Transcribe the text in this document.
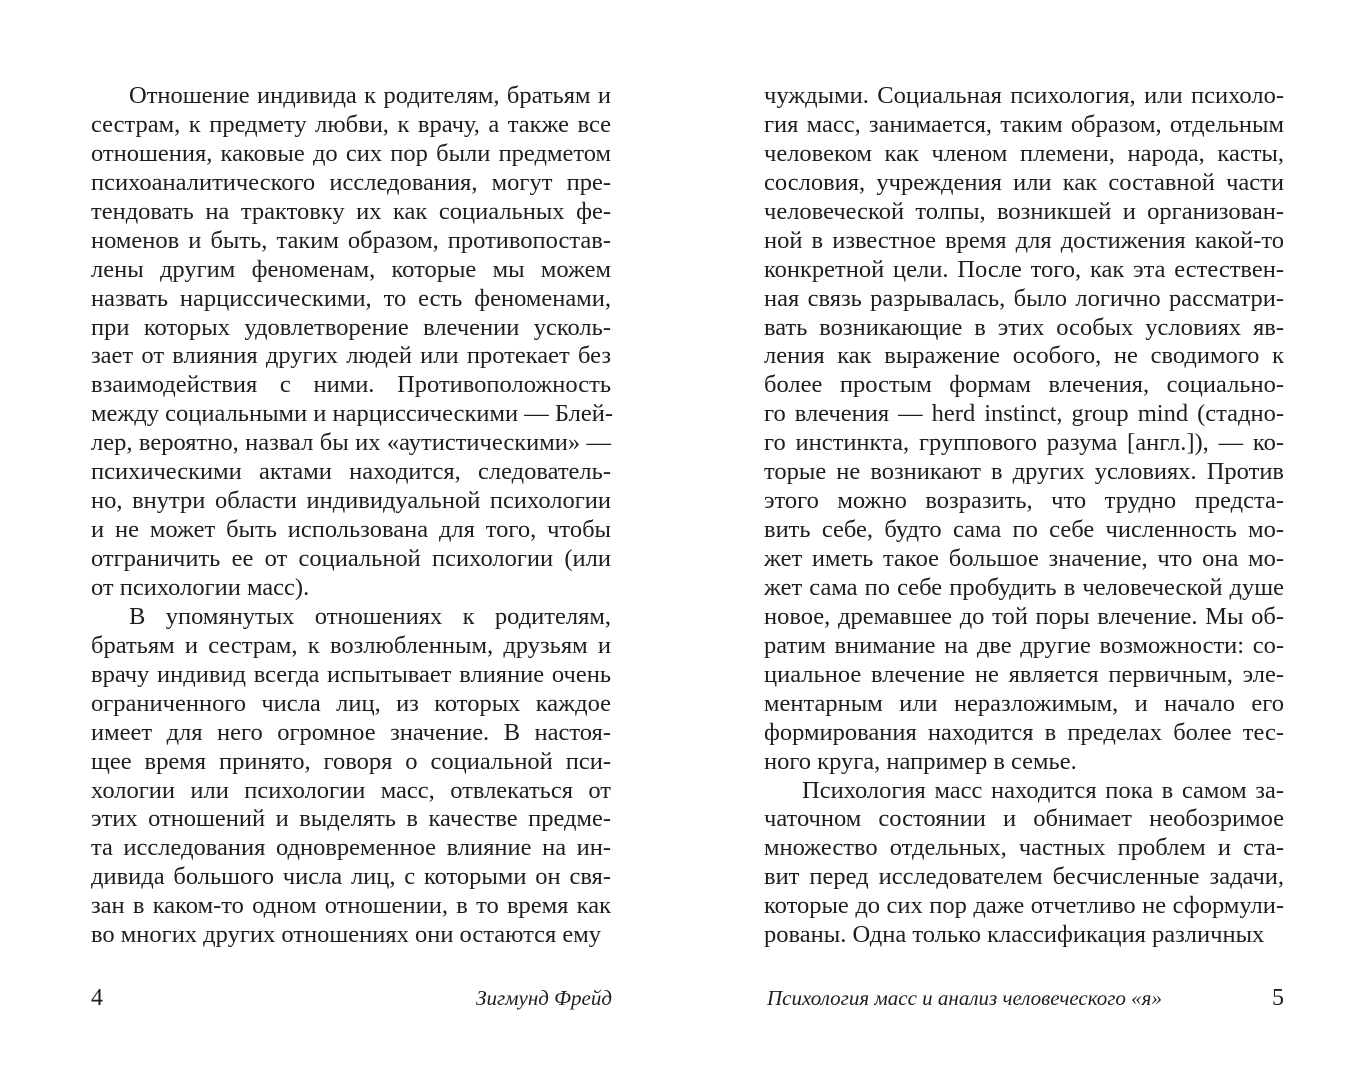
Отношение индивида к родителям, братьям и
сестрам, к предмету любви, к врачу, а также все
отношения, каковые до сих пор были предметом
психоаналитического исследования, могут пре-
тендовать на трактовку их как социальных фе-
номенов и быть, таким образом, противопостав-
лены другим феноменам, которые мы можем
назвать нарциссическими, то есть феноменами,
при которых удовлетворение влечении усколь-
зает от влияния других людей или протекает без
взаимодействия с ними. Противоположность
между социальными и нарциссическими — Блей-
лер, вероятно, назвал бы их «аутистическими» —
психическими актами находится, следователь-
но, внутри области индивидуальной психологии
и не может быть использована для того, чтобы
отграничить ее от социальной психологии (или
от психологии масс).
В упомянутых отношениях к родителям,
братьям и сестрам, к возлюбленным, друзьям и
врачу индивид всегда испытывает влияние очень
ограниченного числа лиц, из которых каждое
имеет для него огромное значение. В настоя-
щее время принято, говоря о социальной пси-
хологии или психологии масс, отвлекаться от
этих отношений и выделять в качестве предме-
та исследования одновременное влияние на ин-
дивида большого числа лиц, с которыми он свя-
зан в каком-то одном отношении, в то время как
во многих других отношениях они остаются ему
4	Зигмунд Фрейд
чуждыми. Социальная психология, или психоло-
гия масс, занимается, таким образом, отдельным
человеком как членом племени, народа, касты,
сословия, учреждения или как составной части
человеческой толпы, возникшей и организован-
ной в известное время для достижения какой-то
конкретной цели. После того, как эта естествен-
ная связь разрывалась, было логично рассматри-
вать возникающие в этих особых условиях яв-
ления как выражение особого, не сводимого к
более простым формам влечения, социально-
го влечения — herd instinct, group mind (стадно-
го инстинкта, группового разума [англ.]), — ко-
торые не возникают в других условиях. Против
этого можно возразить, что трудно предста-
вить себе, будто сама по себе численность мо-
жет иметь такое большое значение, что она мо-
жет сама по себе пробудить в человеческой душе
новое, дремавшее до той поры влечение. Мы об-
ратим внимание на две другие возможности: со-
циальное влечение не является первичным, эле-
ментарным или неразложимым, и начало его
формирования находится в пределах более тес-
ного круга, например в семье.
Психология масс находится пока в самом за-
чаточном состоянии и обнимает необозримое
множество отдельных, частных проблем и ста-
вит перед исследователем бесчисленные задачи,
которые до сих пор даже отчетливо не сформули-
рованы. Одна только классификация различных
Психология масс и анализ человеческого «я»	5
